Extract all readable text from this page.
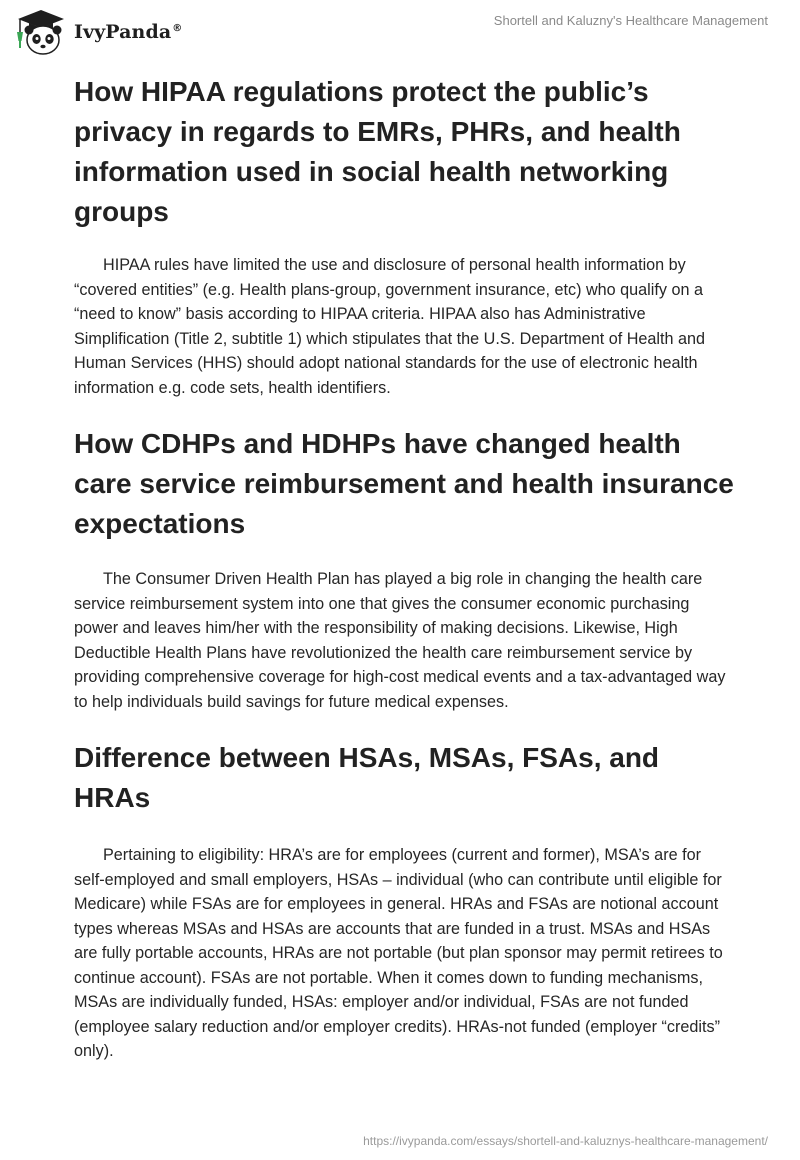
IvyPanda®
Shortell and Kaluzny's Healthcare Management
How HIPAA regulations protect the public’s privacy in regards to EMRs, PHRs, and health information used in social health networking groups

HIPAA rules have limited the use and disclosure of personal health information by “covered entities” (e.g. Health plans-group, government insurance, etc) who qualify on a “need to know” basis according to HIPAA criteria. HIPAA also has Administrative Simplification (Title 2, subtitle 1) which stipulates that the U.S. Department of Health and Human Services (HHS) should adopt national standards for the use of electronic health information e.g. code sets, health identifiers.

How CDHPs and HDHPs have changed health care service reimbursement and health insurance expectations

The Consumer Driven Health Plan has played a big role in changing the health care service reimbursement system into one that gives the consumer economic purchasing power and leaves him/her with the responsibility of making decisions. Likewise, High Deductible Health Plans have revolutionized the health care reimbursement service by providing comprehensive coverage for high-cost medical events and a tax-advantaged way to help individuals build savings for future medical expenses.

Difference between HSAs, MSAs, FSAs, and HRAs

Pertaining to eligibility: HRA’s are for employees (current and former), MSA’s are for self-employed and small employers, HSAs – individual (who can contribute until eligible for Medicare) while FSAs are for employees in general. HRAs and FSAs are notional account types whereas MSAs and HSAs are accounts that are funded in a trust. MSAs and HSAs are fully portable accounts, HRAs are not portable (but plan sponsor may permit retirees to continue account). FSAs are not portable. When it comes down to funding mechanisms, MSAs are individually funded, HSAs: employer and/or individual, FSAs are not funded (employee salary reduction and/or employer credits). HRAs-not funded (employer “credits” only).

https://ivypanda.com/essays/shortell-and-kaluznys-healthcare-management/
